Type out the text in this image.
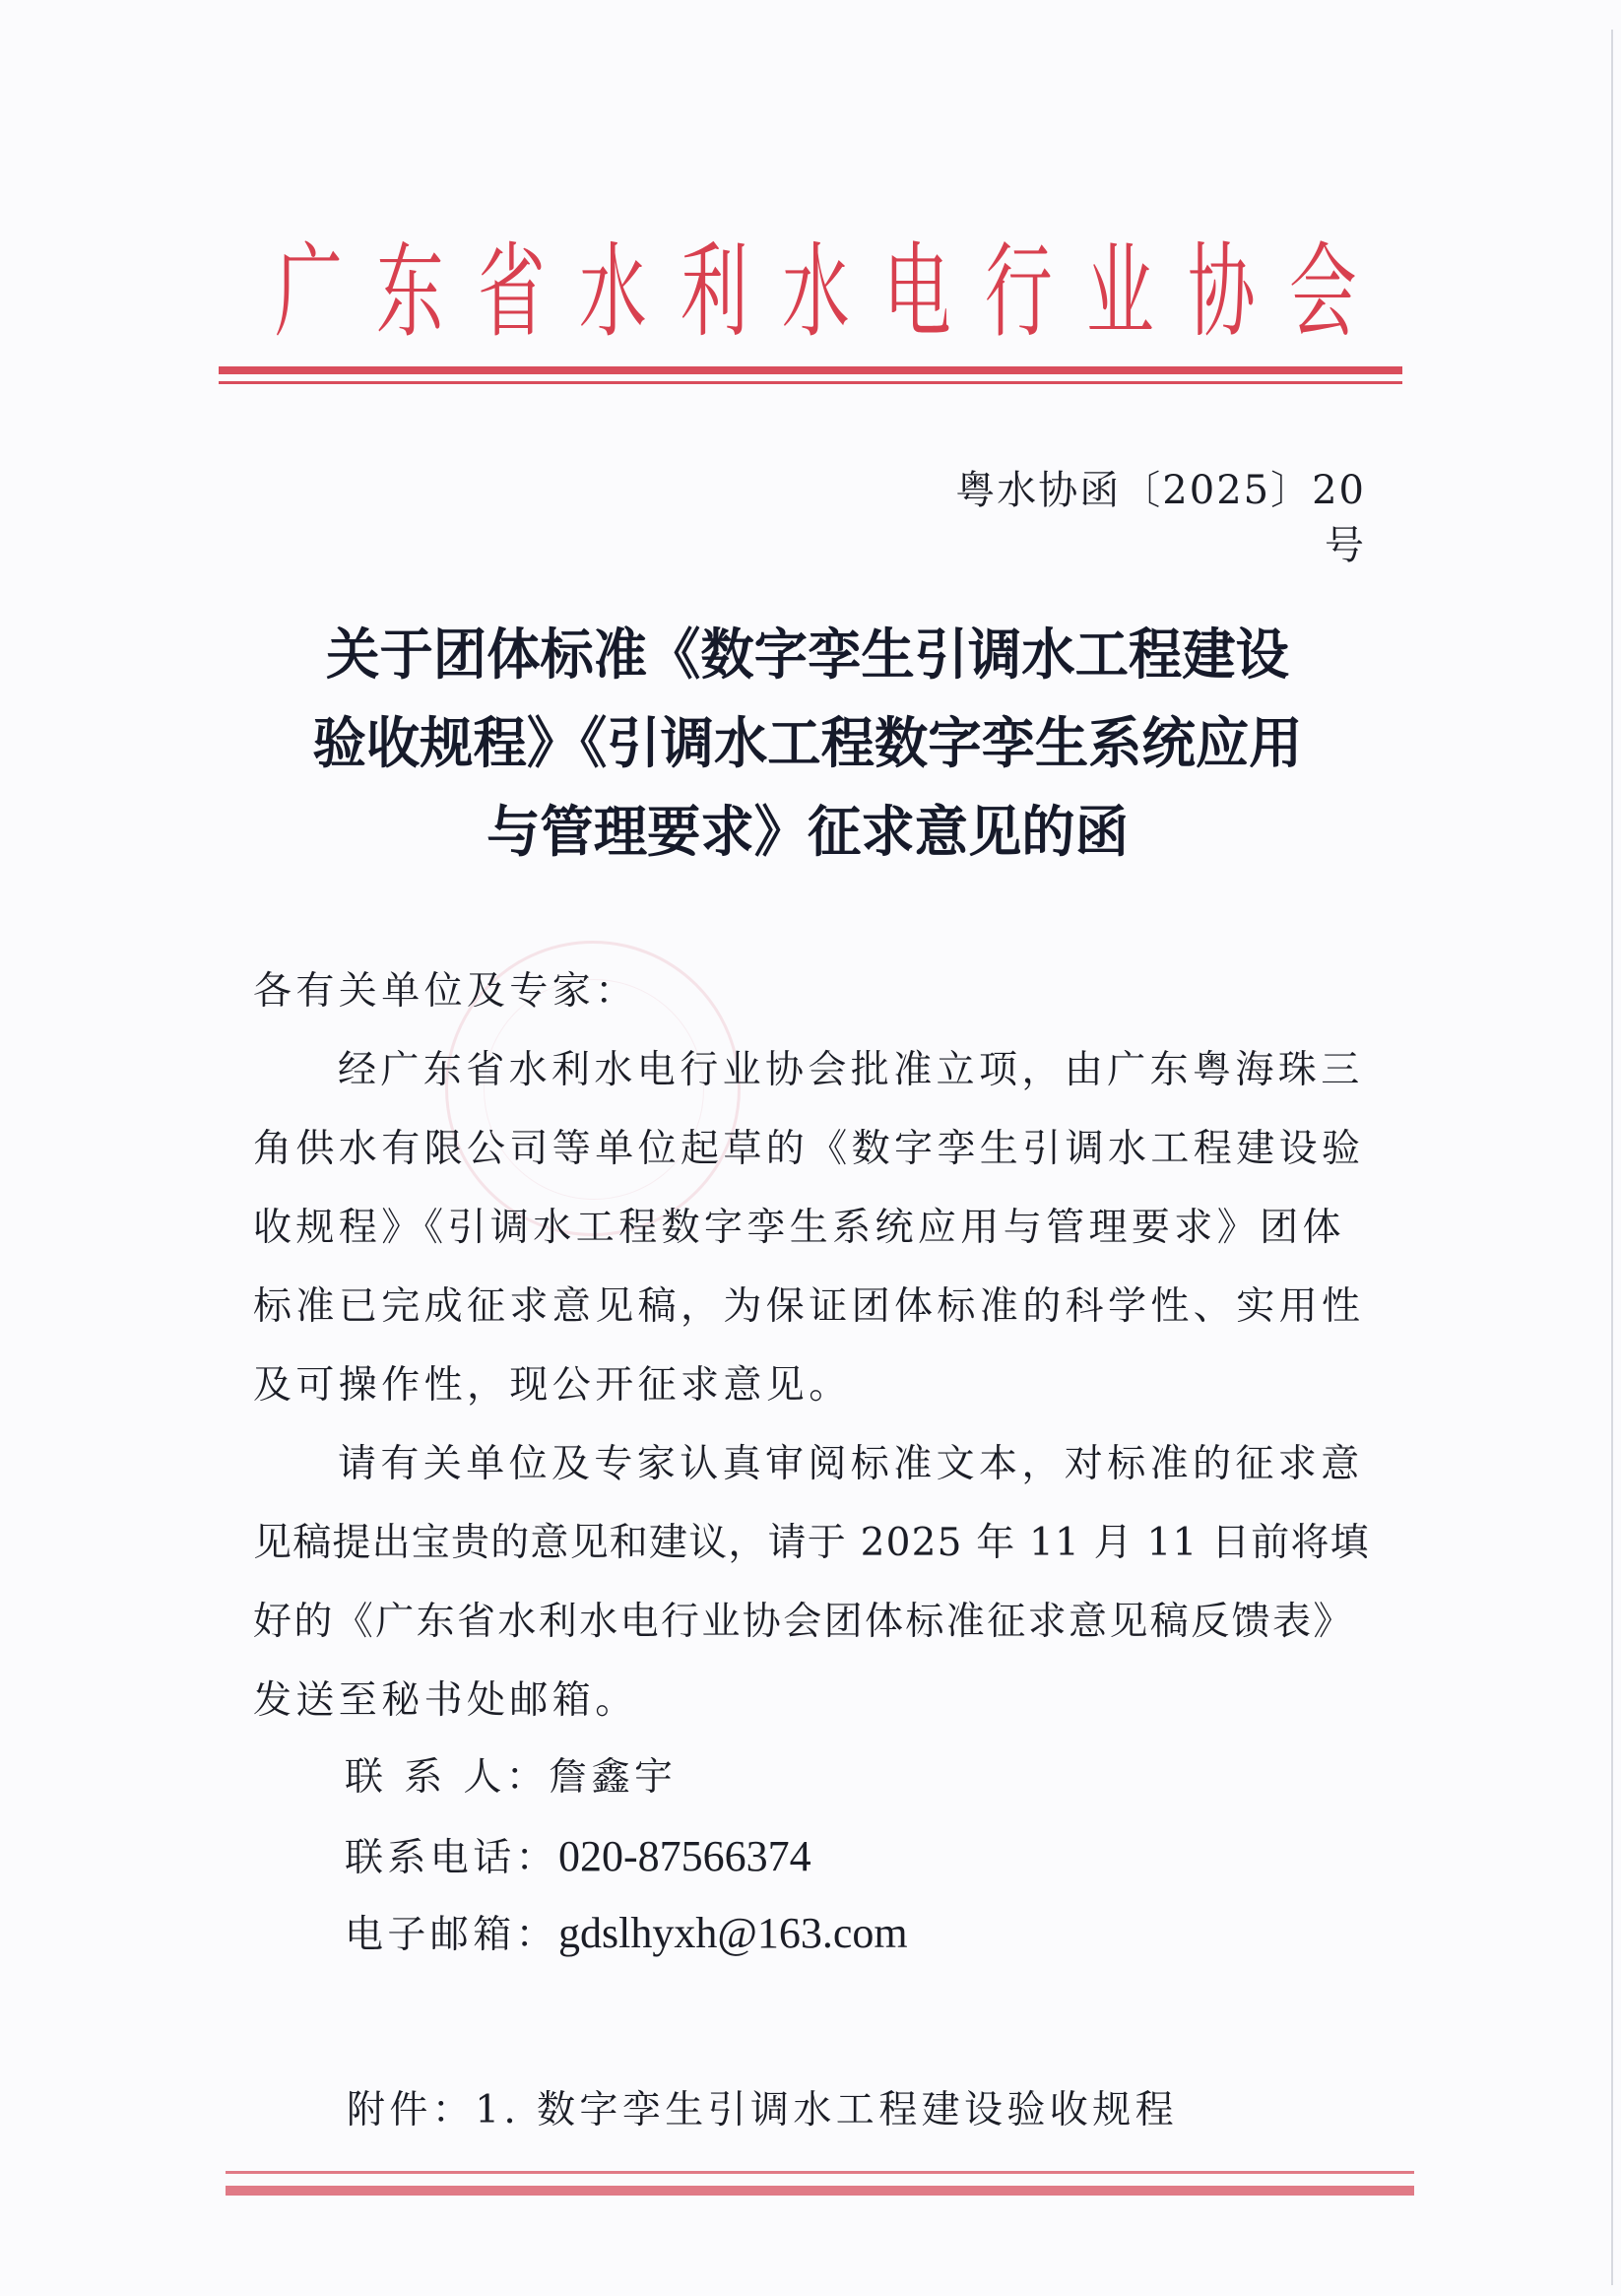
广 东 省 水 利 水 电 行 业 协 会
粤水协函〔2025〕20号
关于团体标准《数字孪生引调水工程建设
验收规程》《引调水工程数字孪生系统应用
与管理要求》征求意见的函
各有关单位及专家：
经广东省水利水电行业协会批准立项，由广东粤海珠三
角供水有限公司等单位起草的《数字孪生引调水工程建设验
收规程》《引调水工程数字孪生系统应用与管理要求》团体
标准已完成征求意见稿，为保证团体标准的科学性、实用性
及可操作性，现公开征求意见。
请有关单位及专家认真审阅标准文本，对标准的征求意
见稿提出宝贵的意见和建议，请于 2025 年 11 月 11 日前将填
好的《广东省水利水电行业协会团体标准征求意见稿反馈表》
发送至秘书处邮箱。
联 系 人：詹鑫宇
联系电话：020-87566374
电子邮箱：gdslhyxh@163.com
附件：1. 数字孪生引调水工程建设验收规程
